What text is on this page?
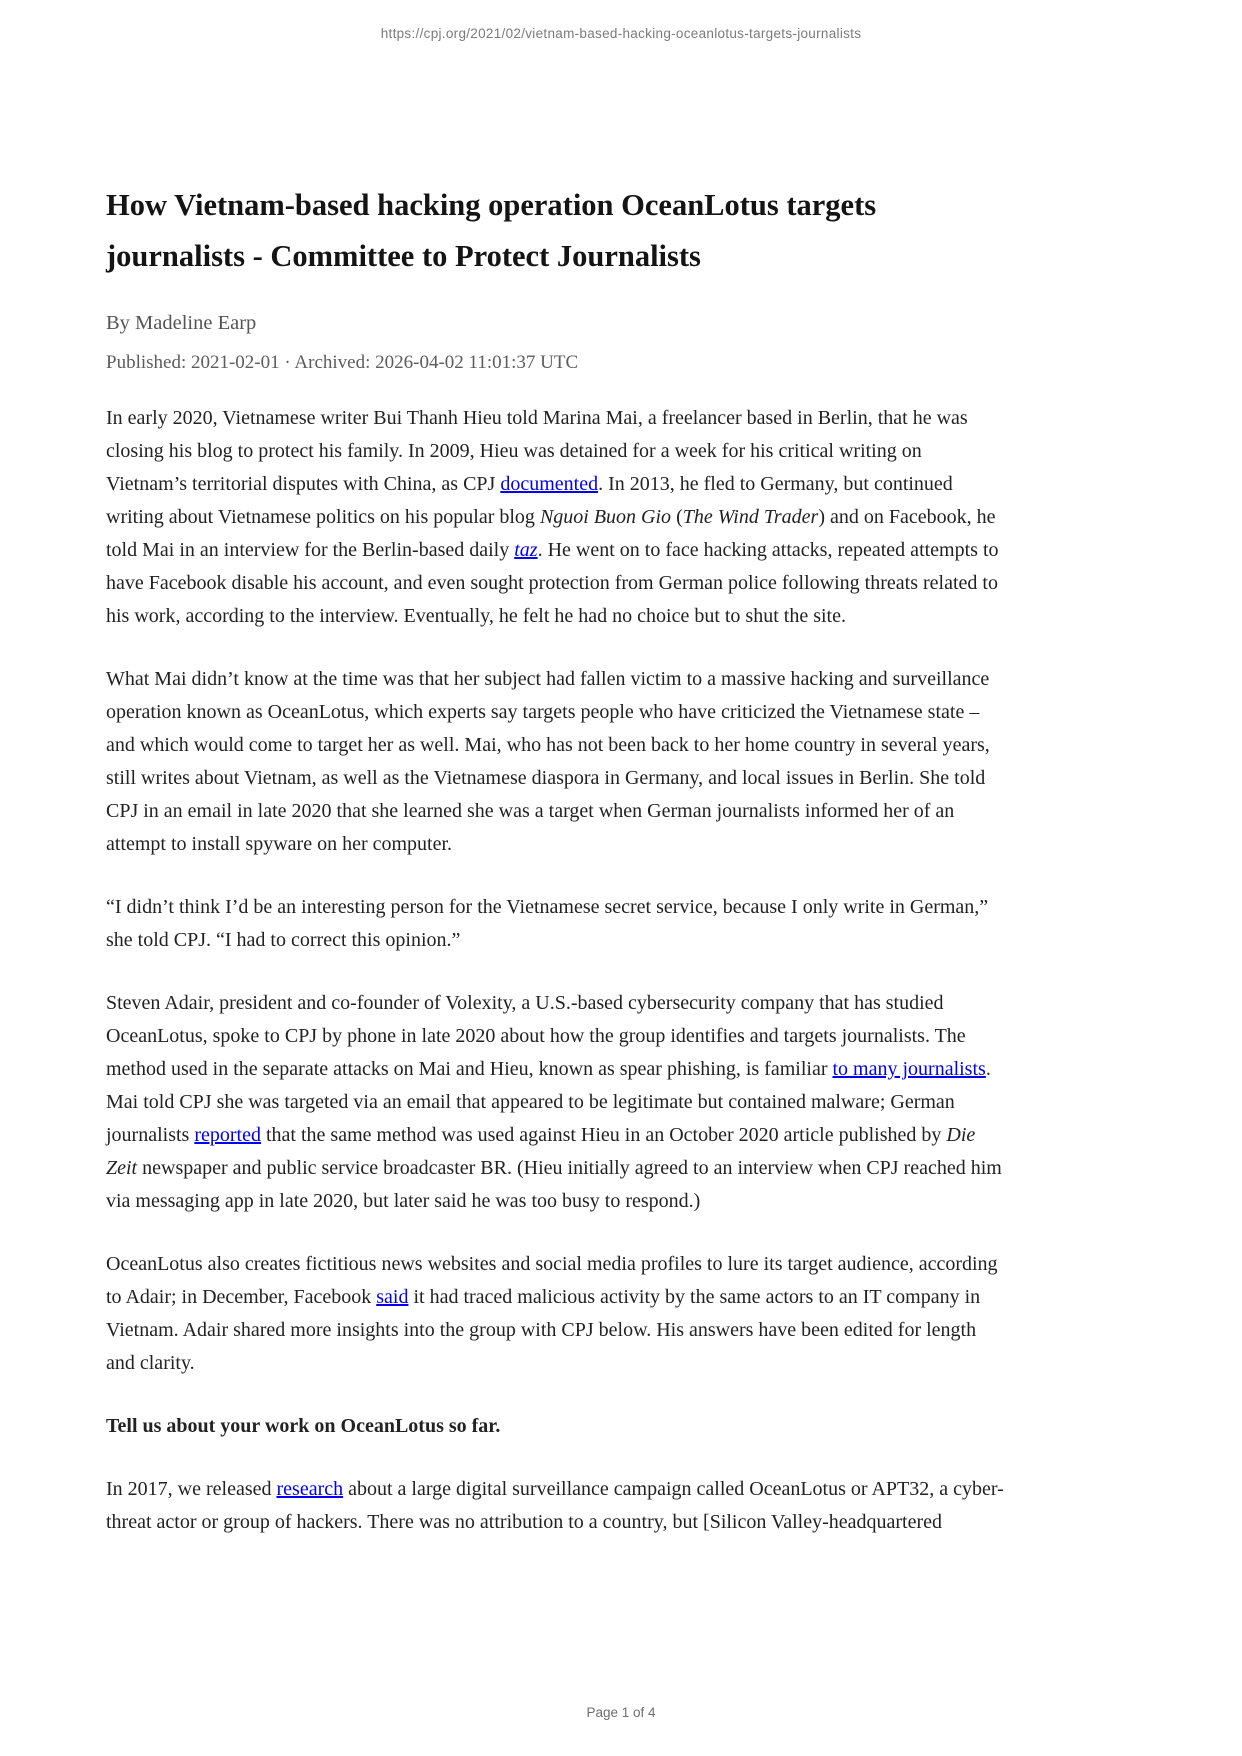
https://cpj.org/2021/02/vietnam-based-hacking-oceanlotus-targets-journalists
How Vietnam-based hacking operation OceanLotus targets journalists - Committee to Protect Journalists
By Madeline Earp
Published: 2021-02-01 · Archived: 2026-04-02 11:01:37 UTC

In early 2020, Vietnamese writer Bui Thanh Hieu told Marina Mai, a freelancer based in Berlin, that he was closing his blog to protect his family. In 2009, Hieu was detained for a week for his critical writing on Vietnam’s territorial disputes with China, as CPJ documented. In 2013, he fled to Germany, but continued writing about Vietnamese politics on his popular blog Nguoi Buon Gio (The Wind Trader) and on Facebook, he told Mai in an interview for the Berlin-based daily taz. He went on to face hacking attacks, repeated attempts to have Facebook disable his account, and even sought protection from German police following threats related to his work, according to the interview. Eventually, he felt he had no choice but to shut the site.

What Mai didn’t know at the time was that her subject had fallen victim to a massive hacking and surveillance operation known as OceanLotus, which experts say targets people who have criticized the Vietnamese state – and which would come to target her as well. Mai, who has not been back to her home country in several years, still writes about Vietnam, as well as the Vietnamese diaspora in Germany, and local issues in Berlin. She told CPJ in an email in late 2020 that she learned she was a target when German journalists informed her of an attempt to install spyware on her computer.

“I didn’t think I’d be an interesting person for the Vietnamese secret service, because I only write in German,” she told CPJ. “I had to correct this opinion.”

Steven Adair, president and co-founder of Volexity, a U.S.-based cybersecurity company that has studied OceanLotus, spoke to CPJ by phone in late 2020 about how the group identifies and targets journalists. The method used in the separate attacks on Mai and Hieu, known as spear phishing, is familiar to many journalists. Mai told CPJ she was targeted via an email that appeared to be legitimate but contained malware; German journalists reported that the same method was used against Hieu in an October 2020 article published by Die Zeit newspaper and public service broadcaster BR. (Hieu initially agreed to an interview when CPJ reached him via messaging app in late 2020, but later said he was too busy to respond.)

OceanLotus also creates fictitious news websites and social media profiles to lure its target audience, according to Adair; in December, Facebook said it had traced malicious activity by the same actors to an IT company in Vietnam. Adair shared more insights into the group with CPJ below. His answers have been edited for length and clarity.

Tell us about your work on OceanLotus so far.

In 2017, we released research about a large digital surveillance campaign called OceanLotus or APT32, a cyber-threat actor or group of hackers. There was no attribution to a country, but [Silicon Valley-headquartered

Page 1 of 4
